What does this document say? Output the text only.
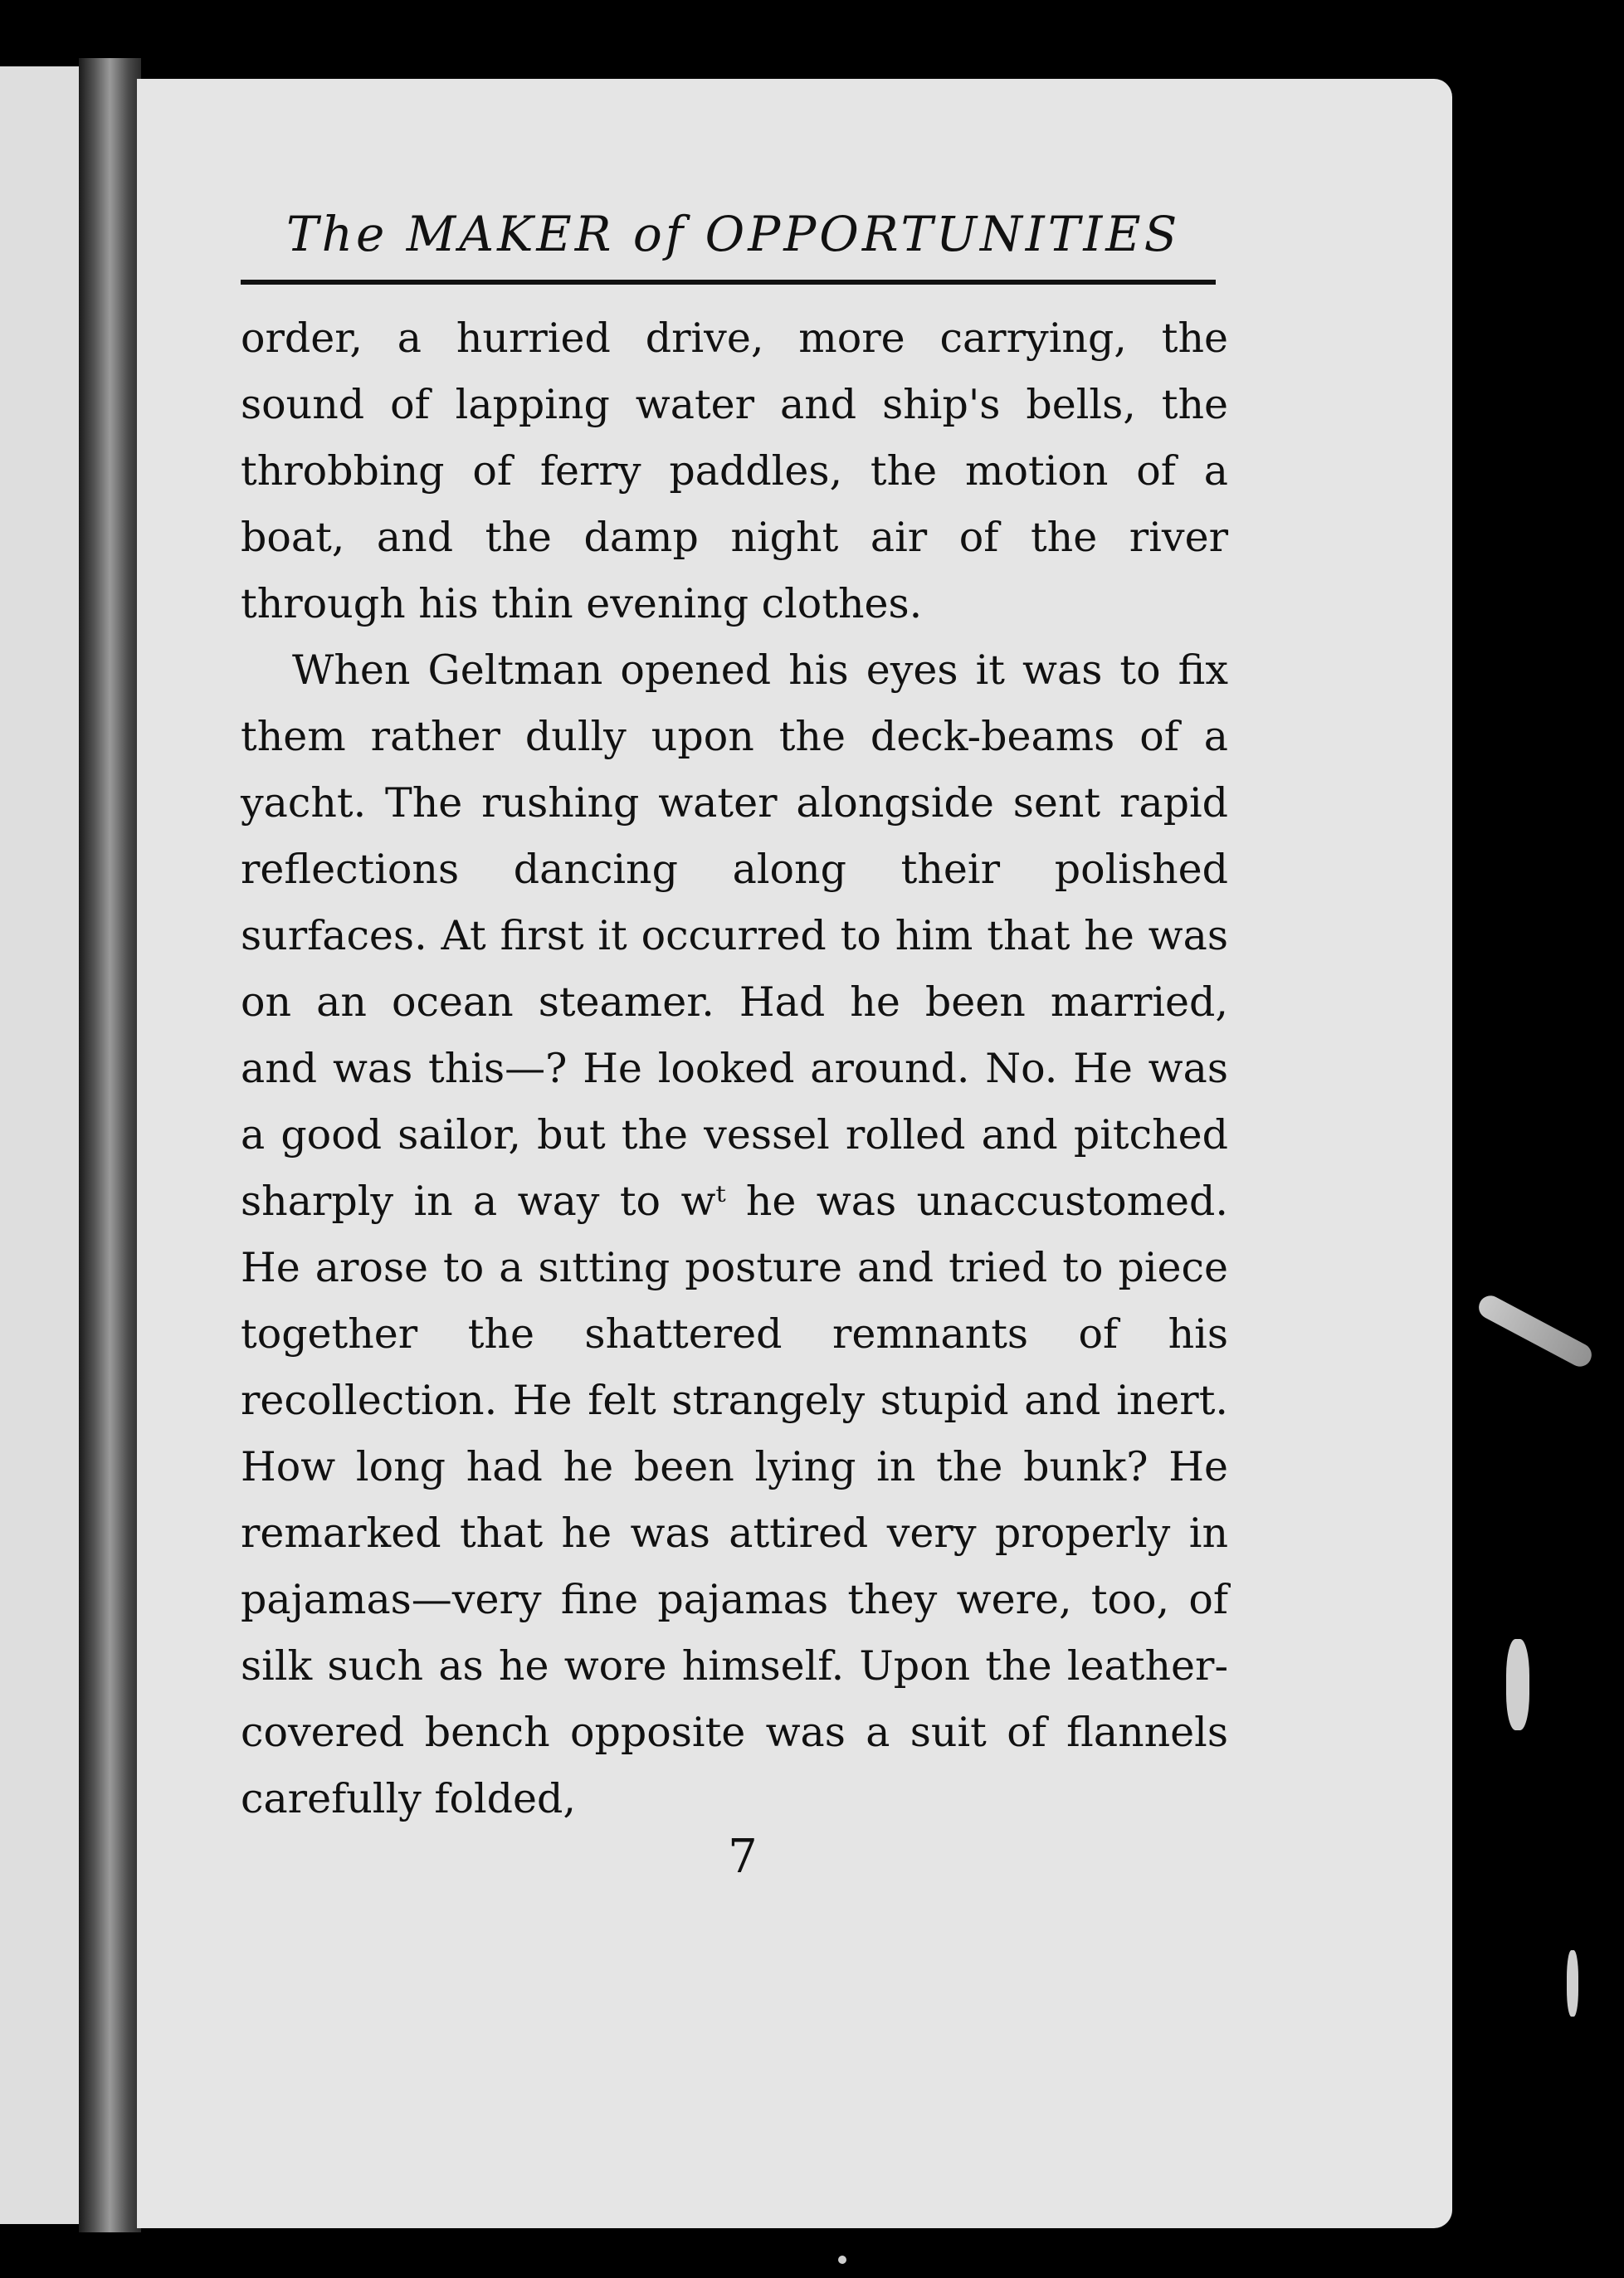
The MAKER of OPPORTUNITIES

order, a hurried drive, more carrying, the sound of lapping water and ship's bells, the throbbing of ferry paddles, the motion of a boat, and the damp night air of the river through his thin evening clothes.

When Geltman opened his eyes it was to fix them rather dully upon the deck-beams of a yacht. The rushing water alongside sent rapid reflections dancing along their polished surfaces. At first it occurred to him that he was on an ocean steamer. Had he been married, and was this—? He looked around. No. He was a good sailor, but the vessel rolled and pitched sharply in a way to wᵗ he was unaccustomed. He arose to a sıtting posture and tried to piece together the shattered remnants of his recollection. He felt strangely stupid and inert. How long had he been lying in the bunk? He remarked that he was attired very properly in pajamas—very fine pajamas they were, too, of silk such as he wore himself. Upon the leather-covered bench opposite was a suit of flannels carefully folded,

7
